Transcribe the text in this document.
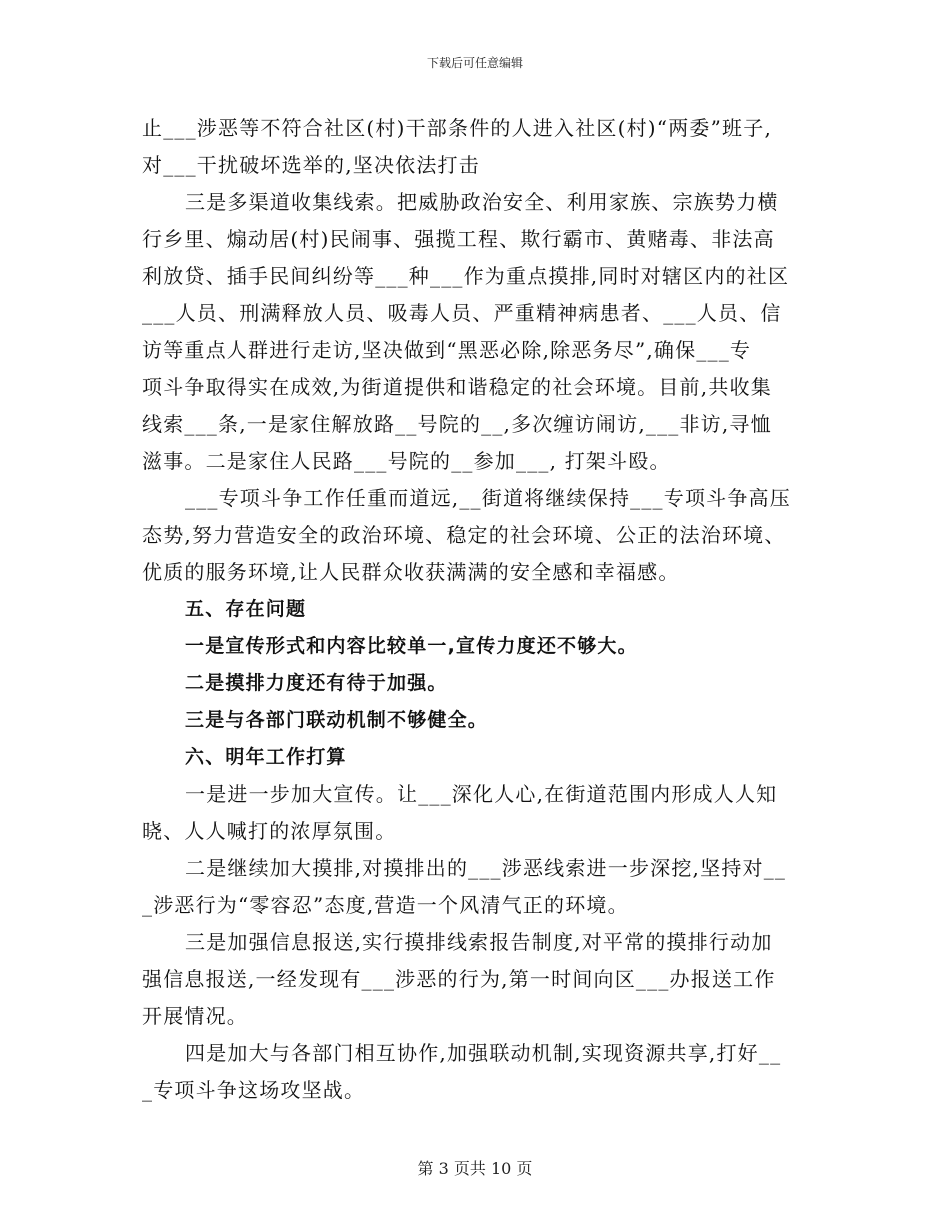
下载后可任意编辑
止___涉恶等不符合社区(村)干部条件的人进入社区(村)“两委”班子,
对___干扰破坏选举的,坚决依法打击
三是多渠道收集线索。把威胁政治安全、利用家族、宗族势力横
行乡里、煽动居(村)民闹事、强揽工程、欺行霸市、黄赌毒、非法高
利放贷、插手民间纠纷等___种___作为重点摸排,同时对辖区内的社区
___人员、刑满释放人员、吸毒人员、严重精神病患者、___人员、信
访等重点人群进行走访,坚决做到“黑恶必除,除恶务尽”,确保___专
项斗争取得实在成效,为街道提供和谐稳定的社会环境。目前,共收集
线索___条,一是家住解放路__号院的__,多次缠访闹访,___非访,寻恤
滋事。二是家住人民路___号院的__参加___, 打架斗殴。
___专项斗争工作任重而道远,__街道将继续保持___专项斗争高压
态势,努力营造安全的政治环境、稳定的社会环境、公正的法治环境、
优质的服务环境,让人民群众收获满满的安全感和幸福感。
五、存在问题
一是宣传形式和内容比较单一,宣传力度还不够大。
二是摸排力度还有待于加强。
三是与各部门联动机制不够健全。
六、明年工作打算
一是进一步加大宣传。让___深化人心,在街道范围内形成人人知
晓、人人喊打的浓厚氛围。
二是继续加大摸排,对摸排出的___涉恶线索进一步深挖,坚持对__
_涉恶行为“零容忍”态度,营造一个风清气正的环境。
三是加强信息报送,实行摸排线索报告制度,对平常的摸排行动加
强信息报送,一经发现有___涉恶的行为,第一时间向区___办报送工作
开展情况。
四是加大与各部门相互协作,加强联动机制,实现资源共享,打好__
_专项斗争这场攻坚战。
第 3 页共 10 页
